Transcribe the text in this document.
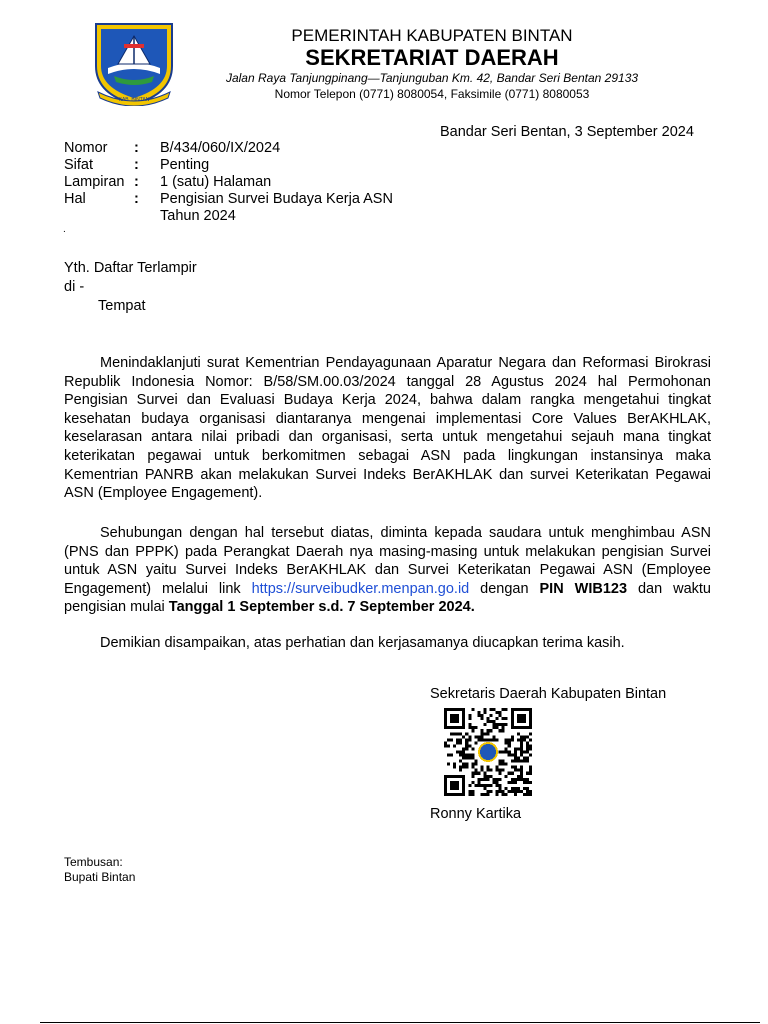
KAB. BINTAN
PEMERINTAH KABUPATEN BINTAN
SEKRETARIAT DAERAH
Jalan Raya Tanjungpinang—Tanjunguban Km. 42, Bandar Seri Bentan 29133
Nomor Telepon (0771) 8080054, Faksimile (0771) 8080053
Bandar Seri Bentan, 3 September 2024
Nomor	:	B/434/060/IX/2024
Sifat	:	Penting
Lampiran	:	1 (satu) Halaman
Hal	:	Pengisian Survei Budaya Kerja ASN
Tahun 2024
.
Yth. Daftar Terlampir
di -
Tempat
Menindaklanjuti surat Kementrian Pendayagunaan Aparatur Negara dan Reformasi Birokrasi Republik Indonesia Nomor: B/58/SM.00.03/2024 tanggal 28 Agustus 2024 hal Permohonan Pengisian Survei dan Evaluasi Budaya Kerja 2024, bahwa dalam rangka mengetahui tingkat kesehatan budaya organisasi diantaranya mengenai implementasi Core Values BerAKHLAK, keselarasan antara nilai pribadi dan organisasi, serta untuk mengetahui sejauh mana tingkat keterikatan pegawai untuk berkomitmen sebagai ASN pada lingkungan instansinya maka Kementrian PANRB akan melakukan Survei Indeks BerAKHLAK dan survei Keterikatan Pegawai ASN (Employee Engagement).
Sehubungan dengan hal tersebut diatas, diminta kepada saudara untuk menghimbau ASN (PNS dan PPPK) pada Perangkat Daerah nya masing-masing untuk melakukan pengisian Survei untuk ASN yaitu Survei Indeks BerAKHLAK dan Survei Keterikatan Pegawai ASN (Employee Engagement) melalui link https://surveibudker.menpan.go.id dengan PIN WIB123 dan waktu pengisian mulai Tanggal 1 September s.d. 7 September 2024.
Demikian disampaikan, atas perhatian dan kerjasamanya diucapkan terima kasih.
Sekretaris Daerah Kabupaten Bintan
Ronny Kartika
Tembusan:
Bupati Bintan
